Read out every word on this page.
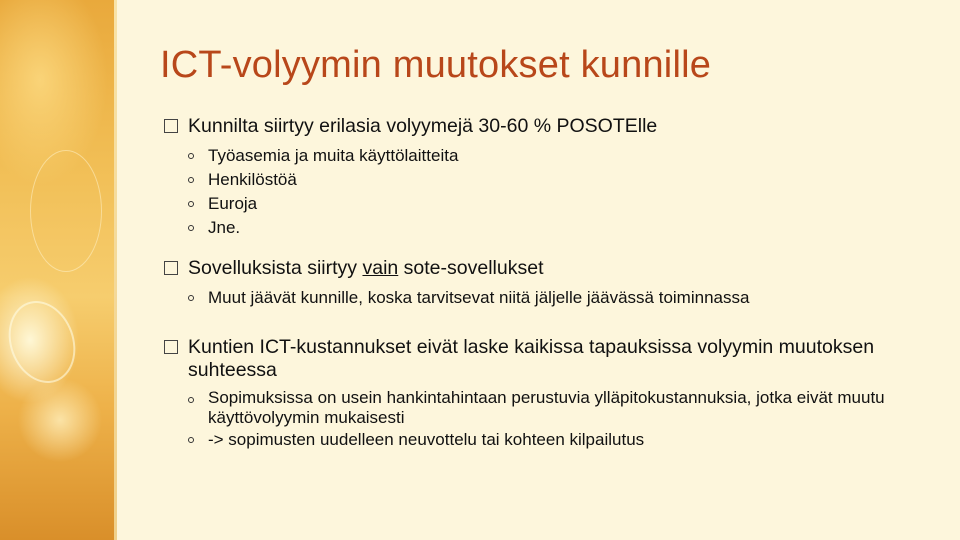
ICT-volyymin muutokset kunnille
Kunnilta siirtyy erilasia volyymejä 30-60 % POSOTElle
Työasemia ja muita käyttölaitteita
Henkilöstöä
Euroja
Jne.
Sovelluksista siirtyy vain sote-sovellukset
Muut jäävät kunnille, koska tarvitsevat niitä jäljelle jäävässä toiminnassa
Kuntien ICT-kustannukset eivät laske kaikissa tapauksissa volyymin muutoksen suhteessa
Sopimuksissa on usein hankintahintaan perustuvia ylläpitokustannuksia, jotka eivät muutu käyttövolyymin mukaisesti
-> sopimusten uudelleen neuvottelu tai kohteen kilpailutus
